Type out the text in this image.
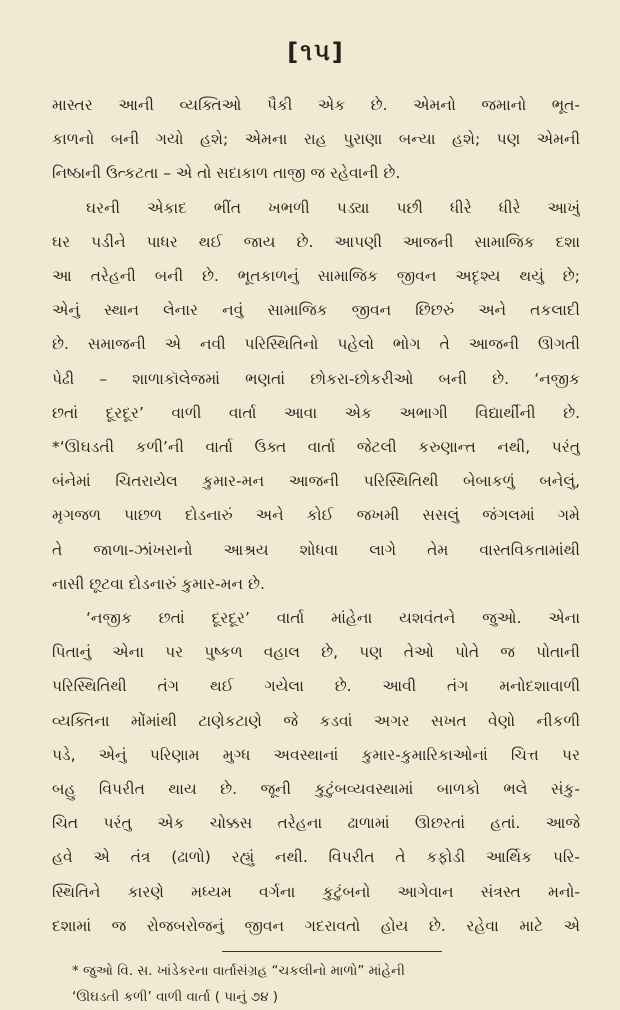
[૧૫]

માસ્તર આની વ્યક્તિઓ પૈકી એક છે. એમનો જમાનો ભૂત-
કાળનો બની ગયો હશે; એમના રાહ પુરાણા બન્યા હશે; પણ એમની
નિષ્ઠાની ઉત્કટતા – એ તો સદાકાળ તાજી જ રહેવાની છે.

ઘરની એકાદ ભીંત ખભળી પડ્યા પછી ધીરે ધીરે આખું
ઘર પડીને પાધર થઈ જાય છે. આપણી આજની સામાજિક દશા
આ તરેહની બની છે. ભૂતકાળનું સામાજિક જીવન અદૃશ્ય થયું છે;
એનું સ્થાન લેનાર નવું સામાજિક જીવન છિછરું અને તકલાદી
છે. સમાજની એ નવી પરિસ્થિતિનો પહેલો ભોગ તે આજની ઊગતી
પેઢી – શાળાકૉલેજમાં ભણતાં છોકરા-છોકરીઓ બની છે. ‘નજીક
છતાં દૂરદૂર’ વાળી વાર્તા આવા એક અભાગી વિદ્યાર્થીની છે.
*‘ઊઘડતી કળી’ની વાર્તા ઉક્ત વાર્તા જેટલી કરુણાન્ત નથી, પરંતુ
બંનેમાં ચિતરાયેલ કુમાર-મન આજની પરિસ્થિતિથી બેબાકળું બનેલું,
મૃગજળ પાછળ દોડનારું અને કોઈ જખમી સસલું જંગલમાં ગમે
તે જાળા-ઝાંખરાનો આશ્રય શોધવા લાગે તેમ વાસ્તવિકતામાંથી
નાસી છૂટવા દોડનારું કુમાર-મન છે.

‘નજીક છતાં દૂરદૂર’ વાર્તા માંહેના યશવંતને જુઓ. એના
પિતાનું એના પર પુષ્કળ વહાલ છે, પણ તેઓ પોતે જ પોતાની
પરિસ્થિતિથી તંગ થઈ ગયેલા છે. આવી તંગ મનોદશાવાળી
વ્યક્તિના મોંમાંથી ટાણેકટાણે જે કડવાં અગર સખત વેણો નીકળી
પડે, એનું પરિણામ મુગ્ધ અવસ્થાનાં કુમાર-કુમારિકાઓનાં ચિત્ત પર
બહુ વિપરીત થાય છે. જૂની કુટુંબવ્યવસ્થામાં બાળકો ભલે સંકુ-
ચિત પરંતુ એક ચોક્કસ તરેહના ઢાળામાં ઊછરતાં હતાં. આજે
હવે એ તંત્ર (ઢાળો) રહ્યું નથી. વિપરીત તે કફોડી આર્થિક પરિ-
સ્થિતિને કારણે મધ્યમ વર્ગના કુટુંબનો આગેવાન સંત્રસ્ત મનો-
દશામાં જ રોજબરોજનું જીવન ગદરાવતો હોય છે. રહેવા માટે એ

* જુઓ વિ. સ. ખાંડેકરના વાર્તાસંગ્રહ “ચકલીનો માળો” માંહેની
‘ઊઘડતી કળી’ વાળી વાર્તા ( પાનું ૭૪ )
